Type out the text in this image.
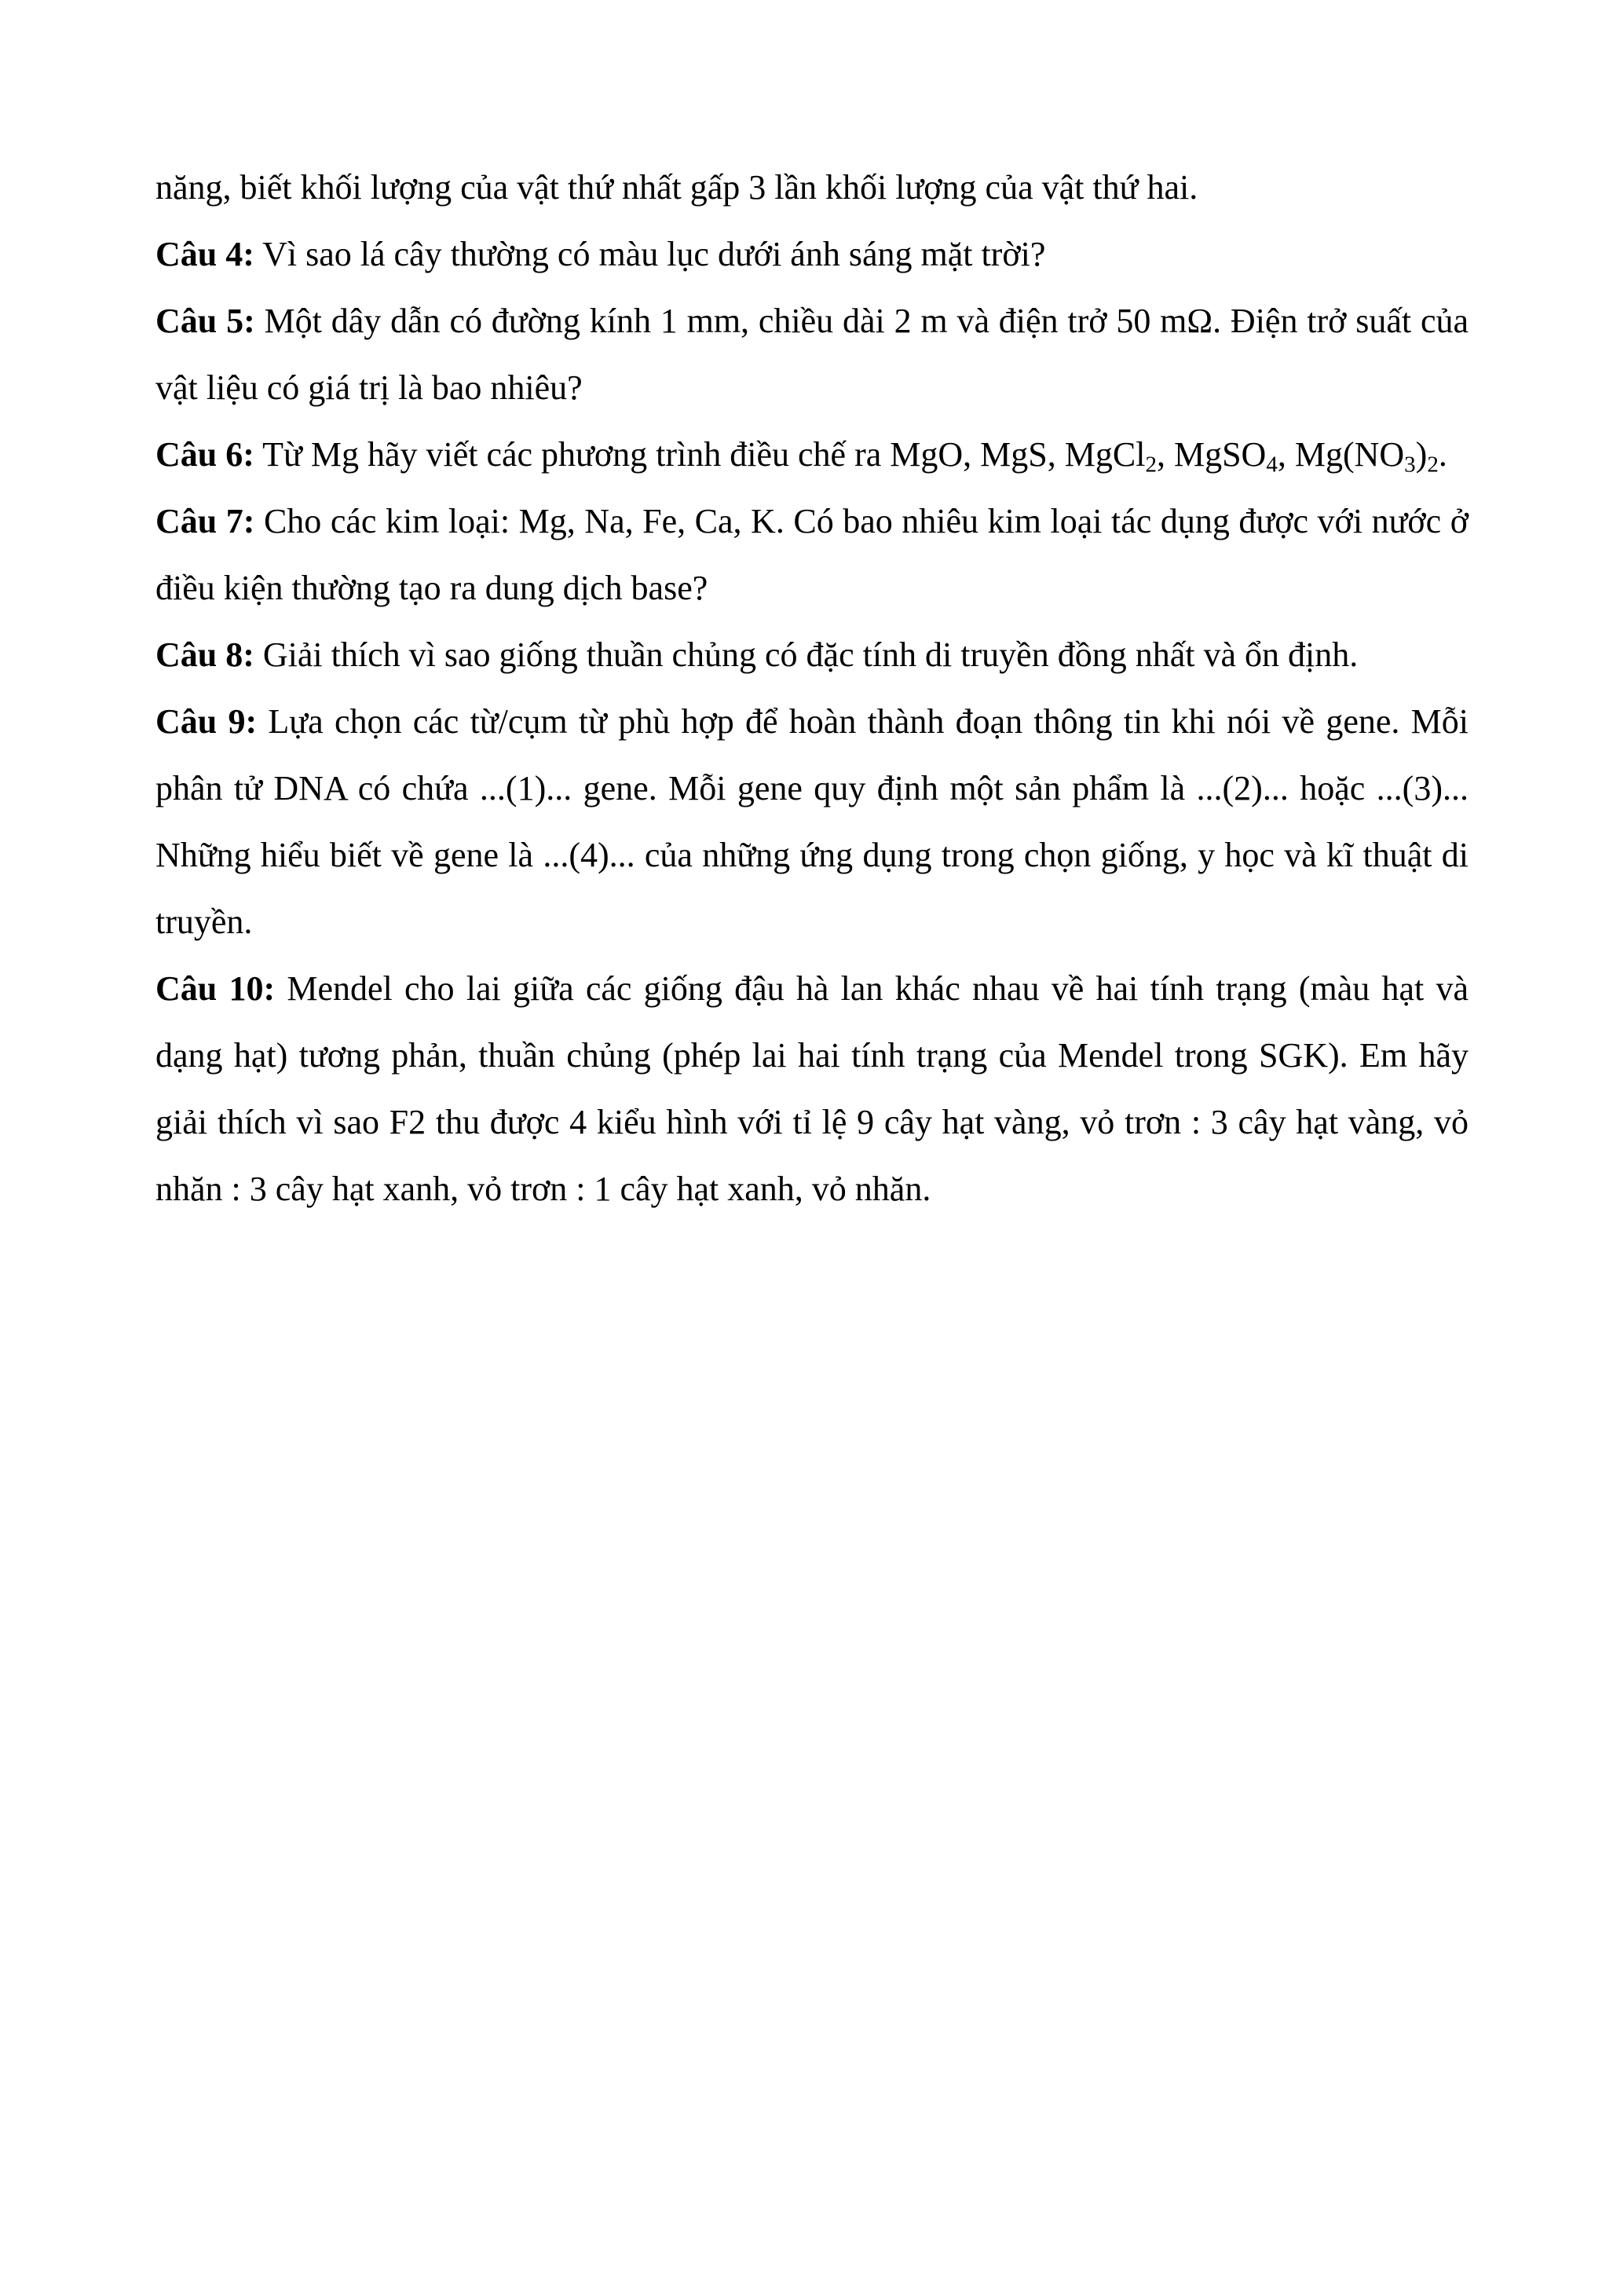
năng, biết khối lượng của vật thứ nhất gấp 3 lần khối lượng của vật thứ hai.

Câu 4: Vì sao lá cây thường có màu lục dưới ánh sáng mặt trời?

Câu 5: Một dây dẫn có đường kính 1 mm, chiều dài 2 m và điện trở 50 mΩ. Điện trở suất của vật liệu có giá trị là bao nhiêu?

Câu 6: Từ Mg hãy viết các phương trình điều chế ra MgO, MgS, MgCl$_2$, MgSO$_4$, $Mg(NO_3)_2$.

Câu 7: Cho các kim loại: Mg, Na, Fe, Ca, K. Có bao nhiêu kim loại tác dụng được với nước ở điều kiện thường tạo ra dung dịch base?

Câu 8: Giải thích vì sao giống thuần chủng có đặc tính di truyền đồng nhất và ổn định.

Câu 9: Lựa chọn các từ/cụm từ phù hợp để hoàn thành đoạn thông tin khi nói về gene. Mỗi phân tử DNA có chứa ...(1)... gene. Mỗi gene quy định một sản phẩm là ...(2)... hoặc ...(3)... Những hiểu biết về gene là ...(4)... của những ứng dụng trong chọn giống, y học và kĩ thuật di truyền.

Câu 10: Mendel cho lai giữa các giống đậu hà lan khác nhau về hai tính trạng (màu hạt và dạng hạt) tương phản, thuần chủng (phép lai hai tính trạng của Mendel trong SGK). Em hãy giải thích vì sao F2 thu được 4 kiểu hình với tỉ lệ 9 cây hạt vàng, vỏ trơn : 3 cây hạt vàng, vỏ nhăn : 3 cây hạt xanh, vỏ trơn : 1 cây hạt xanh, vỏ nhăn.
